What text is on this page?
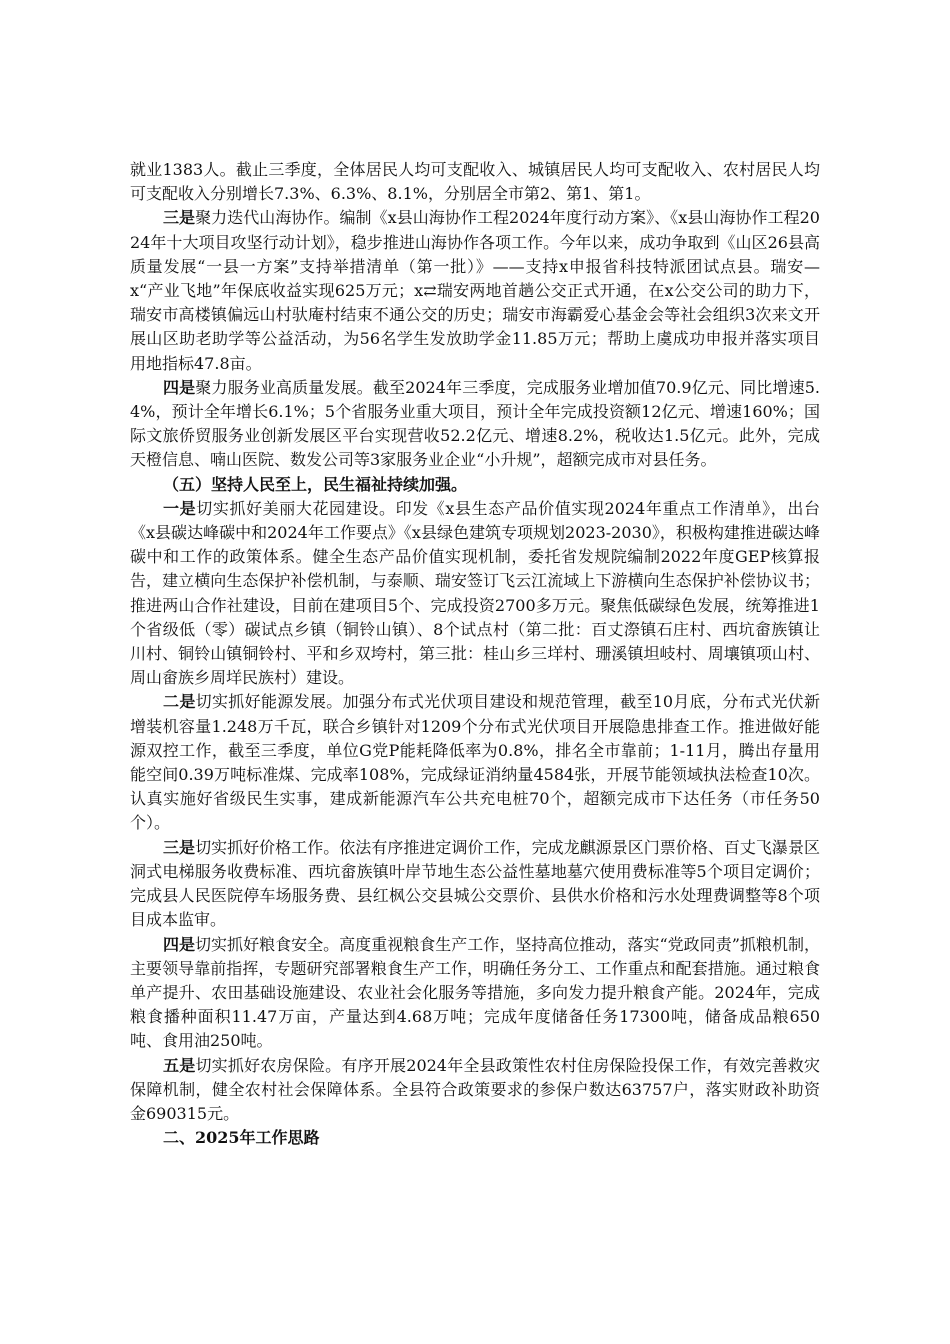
就业1383人。截止三季度，全体居民人均可支配收入、城镇居民人均可支配收入、农村居民人均可支配收入分别增长7.3%、6.3%、8.1%，分别居全市第2、第1、第1。

三是聚力迭代山海协作。编制《x县山海协作工程2024年度行动方案》、《x县山海协作工程2024年十大项目攻坚行动计划》，稳步推进山海协作各项工作。今年以来，成功争取到《山区26县高质量发展“一县一方案”支持举措清单（第一批）》——支持x申报省科技特派团试点县。瑞安—x“产业飞地”年保底收益实现625万元；x⇄瑞安两地首趟公交正式开通，在x公交公司的助力下，瑞安市高楼镇偏远山村驮庵村结束不通公交的历史；瑞安市海霸爱心基金会等社会组织3次来文开展山区助老助学等公益活动，为56名学生发放助学金11.85万元；帮助上虞成功申报并落实项目用地指标47.8亩。

四是聚力服务业高质量发展。截至2024年三季度，完成服务业增加值70.9亿元、同比增速5.4%，预计全年增长6.1%；5个省服务业重大项目，预计全年完成投资额12亿元、增速160%；国际文旅侨贸服务业创新发展区平台实现营收52.2亿元、增速8.2%，税收达1.5亿元。此外，完成天橙信息、喃山医院、数发公司等3家服务业企业“小升规”，超额完成市对县任务。

（五）坚持人民至上，民生福祉持续加强。

一是切实抓好美丽大花园建设。印发《x县生态产品价值实现2024年重点工作清单》，出台《x县碳达峰碳中和2024年工作要点》《x县绿色建筑专项规划2023-2030》，积极构建推进碳达峰碳中和工作的政策体系。健全生态产品价值实现机制，委托省发规院编制2022年度GEP核算报告，建立横向生态保护补偿机制，与泰顺、瑞安签订飞云江流域上下游横向生态保护补偿协议书；推进两山合作社建设，目前在建项目5个、完成投资2700多万元。聚焦低碳绿色发展，统筹推进1个省级低（零）碳试点乡镇（铜铃山镇）、8个试点村（第二批：百丈漈镇石庄村、西坑畲族镇让川村、铜铃山镇铜铃村、平和乡双垮村，第三批：桂山乡三垟村、珊溪镇坦岐村、周壤镇项山村、周山畲族乡周垟民族村）建设。

二是切实抓好能源发展。加强分布式光伏项目建设和规范管理，截至10月底，分布式光伏新增装机容量1.248万千瓦，联合乡镇针对1209个分布式光伏项目开展隐患排查工作。推进做好能源双控工作，截至三季度，单位G党P能耗降低率为0.8%，排名全市靠前；1-11月，腾出存量用能空间0.39万吨标准煤、完成率108%，完成绿证消纳量4584张，开展节能领域执法检查10次。认真实施好省级民生实事，建成新能源汽车公共充电桩70个，超额完成市下达任务（市任务50个）。

三是切实抓好价格工作。依法有序推进定调价工作，完成龙麒源景区门票价格、百丈飞瀑景区洞式电梯服务收费标准、西坑畲族镇叶岸节地生态公益性墓地墓穴使用费标准等5个项目定调价；完成县人民医院停车场服务费、县红枫公交县城公交票价、县供水价格和污水处理费调整等8个项目成本监审。

四是切实抓好粮食安全。高度重视粮食生产工作，坚持高位推动，落实“党政同责”抓粮机制，主要领导靠前指挥，专题研究部署粮食生产工作，明确任务分工、工作重点和配套措施。通过粮食单产提升、农田基础设施建设、农业社会化服务等措施，多向发力提升粮食产能。2024年，完成粮食播种面积11.47万亩，产量达到4.68万吨；完成年度储备任务17300吨，储备成品粮650吨、食用油250吨。

五是切实抓好农房保险。有序开展2024年全县政策性农村住房保险投保工作，有效完善救灾保障机制，健全农村社会保障体系。全县符合政策要求的参保户数达63757户，落实财政补助资金690315元。

二、2025年工作思路
